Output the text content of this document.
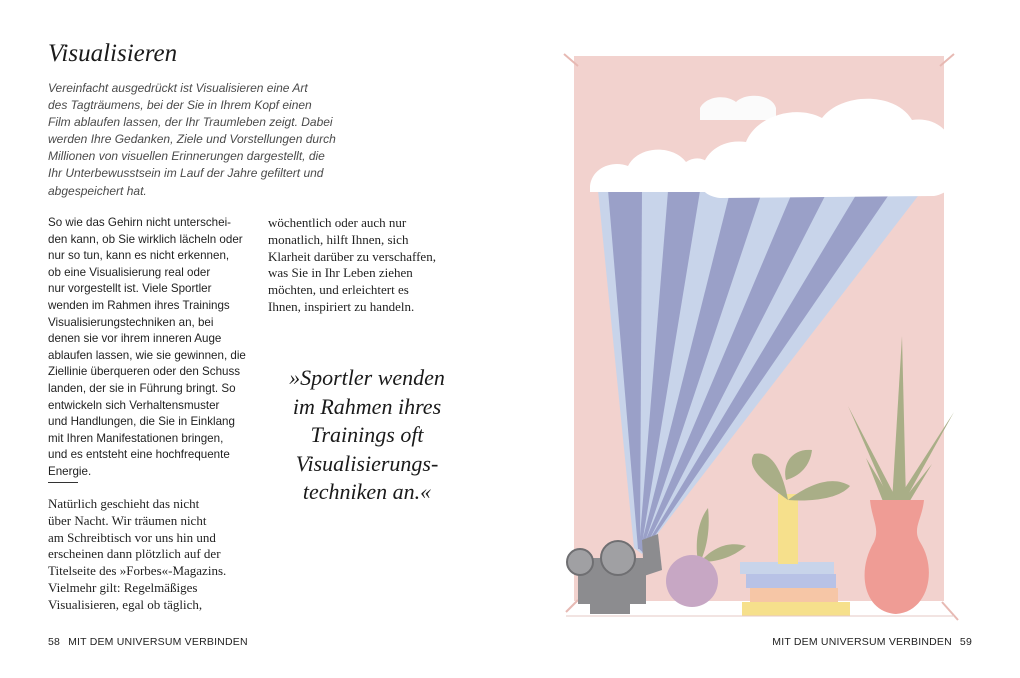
Visualisieren
Vereinfacht ausgedrückt ist Visualisieren eine Art
des Tagträumens, bei der Sie in Ihrem Kopf einen
Film ablaufen lassen, der Ihr Traumleben zeigt. Dabei
werden Ihre Gedanken, Ziele und Vorstellungen durch
Millionen von visuellen Erinnerungen dargestellt, die
Ihr Unterbewusstsein im Lauf der Jahre gefiltert und
abgespeichert hat.
So wie das Gehirn nicht unterschei-
den kann, ob Sie wirklich lächeln oder
nur so tun, kann es nicht erkennen,
ob eine Visualisierung real oder
nur vorgestellt ist. Viele Sportler
wenden im Rahmen ihres Trainings
Visualisierungstechniken an, bei
denen sie vor ihrem inneren Auge
ablaufen lassen, wie sie gewinnen, die
Ziellinie überqueren oder den Schuss
landen, der sie in Führung bringt. So
entwickeln sich Verhaltensmuster
und Handlungen, die Sie in Einklang
mit Ihren Manifestationen bringen,
und es entsteht eine hochfrequente
Energie.
Natürlich geschieht das nicht
über Nacht. Wir träumen nicht
am Schreibtisch vor uns hin und
erscheinen dann plötzlich auf der
Titelseite des »Forbes«-Magazins.
Vielmehr gilt: Regelmäßiges
Visualisieren, egal ob täglich,
wöchentlich oder auch nur
monatlich, hilft Ihnen, sich
Klarheit darüber zu verschaffen,
was Sie in Ihr Leben ziehen
möchten, und erleichtert es
Ihnen, inspiriert zu handeln.
»Sportler wenden
im Rahmen ihres
Trainings oft
Visualisierungs-
techniken an.«
58 MIT DEM UNIVERSUM VERBINDEN	MIT DEM UNIVERSUM VERBINDEN 59
